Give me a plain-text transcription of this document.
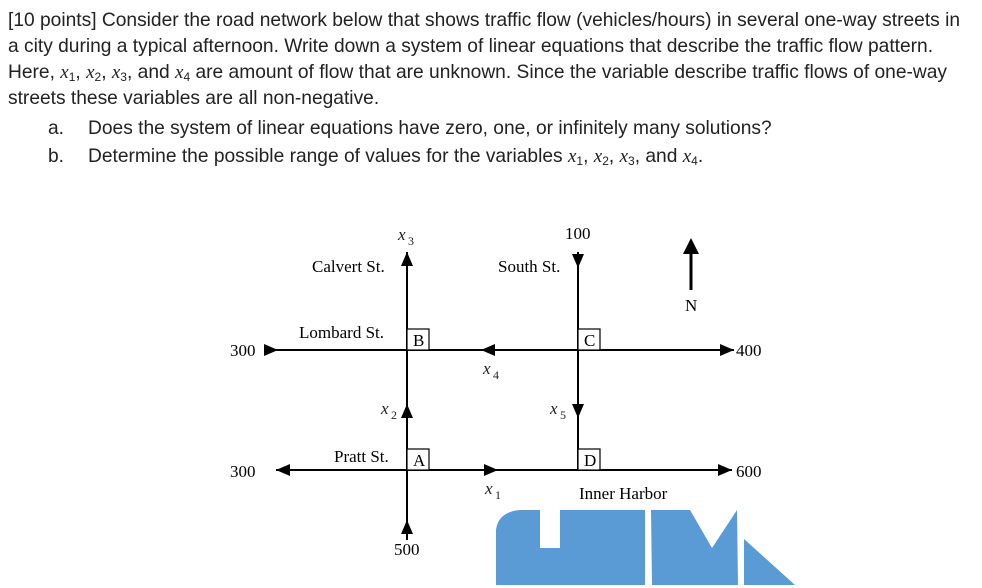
[10 points] Consider the road network below that shows traffic flow (vehicles/hours) in several one-way streets in a city during a typical afternoon. Write down a system of linear equations that describe the traffic flow pattern. Here, $x_1$, $x_2$, $x_3$, and $x_4$ are amount of flow that are unknown. Since the variable describe traffic flows of one-way streets these variables are all non-negative.

a.	Does the system of linear equations have zero, one, or infinitely many solutions?
b.	Determine the possible range of values for the variables $x_1$, $x_2$, $x_3$, and $x_4$.
N
B	C
A	D
Calvert St.	South St.
Lombard St.
Pratt St.
100
300	400
300	600
500
Inner Harbor
x 3
x 4
x 2	x 5
x 1
